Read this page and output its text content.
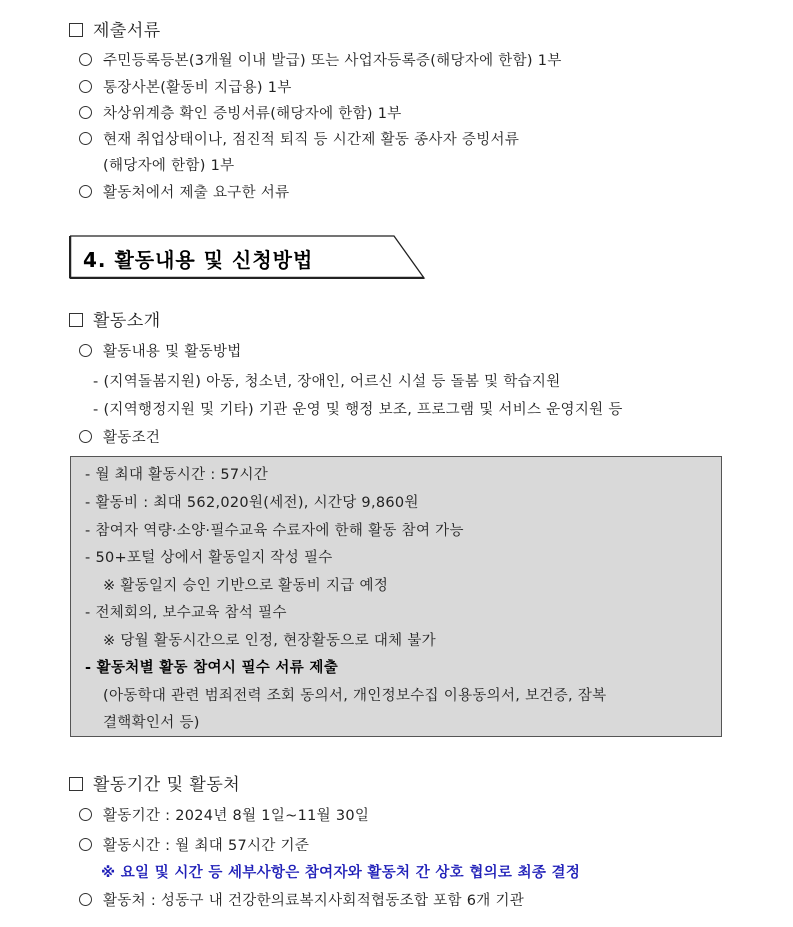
제출서류
주민등록등본(3개월 이내 발급) 또는 사업자등록증(해당자에 한함) 1부
통장사본(활동비 지급용) 1부
차상위계층 확인 증빙서류(해당자에 한함) 1부
현재 취업상태이나, 점진적 퇴직 등 시간제 활동 종사자 증빙서류
(해당자에 한함) 1부
활동처에서 제출 요구한 서류
4. 활동내용 및 신청방법
활동소개
활동내용 및 활동방법
- (지역돌봄지원) 아동, 청소년, 장애인, 어르신 시설 등 돌봄 및 학습지원
- (지역행정지원 및 기타) 기관 운영 및 행정 보조, 프로그램 및 서비스 운영지원 등
활동조건
- 월 최대 활동시간 : 57시간
- 활동비 : 최대 562,020원(세전), 시간당 9,860원
- 참여자 역량·소양·필수교육 수료자에 한해 활동 참여 가능
- 50+포털 상에서 활동일지 작성 필수
※ 활동일지 승인 기반으로 활동비 지급 예정
- 전체회의, 보수교육 참석 필수
※ 당월 활동시간으로 인정, 현장활동으로 대체 불가
- 활동처별 활동 참여시 필수 서류 제출
(아동학대 관련 범죄전력 조회 동의서, 개인정보수집 이용동의서, 보건증, 잠복
결핵확인서 등)
활동기간 및 활동처
활동기간 : 2024년 8월 1일~11월 30일
활동시간 : 월 최대 57시간 기준
※ 요일 및 시간 등 세부사항은 참여자와 활동처 간 상호 협의로 최종 결정
활동처 : 성동구 내 건강한의료복지사회적협동조합 포함 6개 기관
